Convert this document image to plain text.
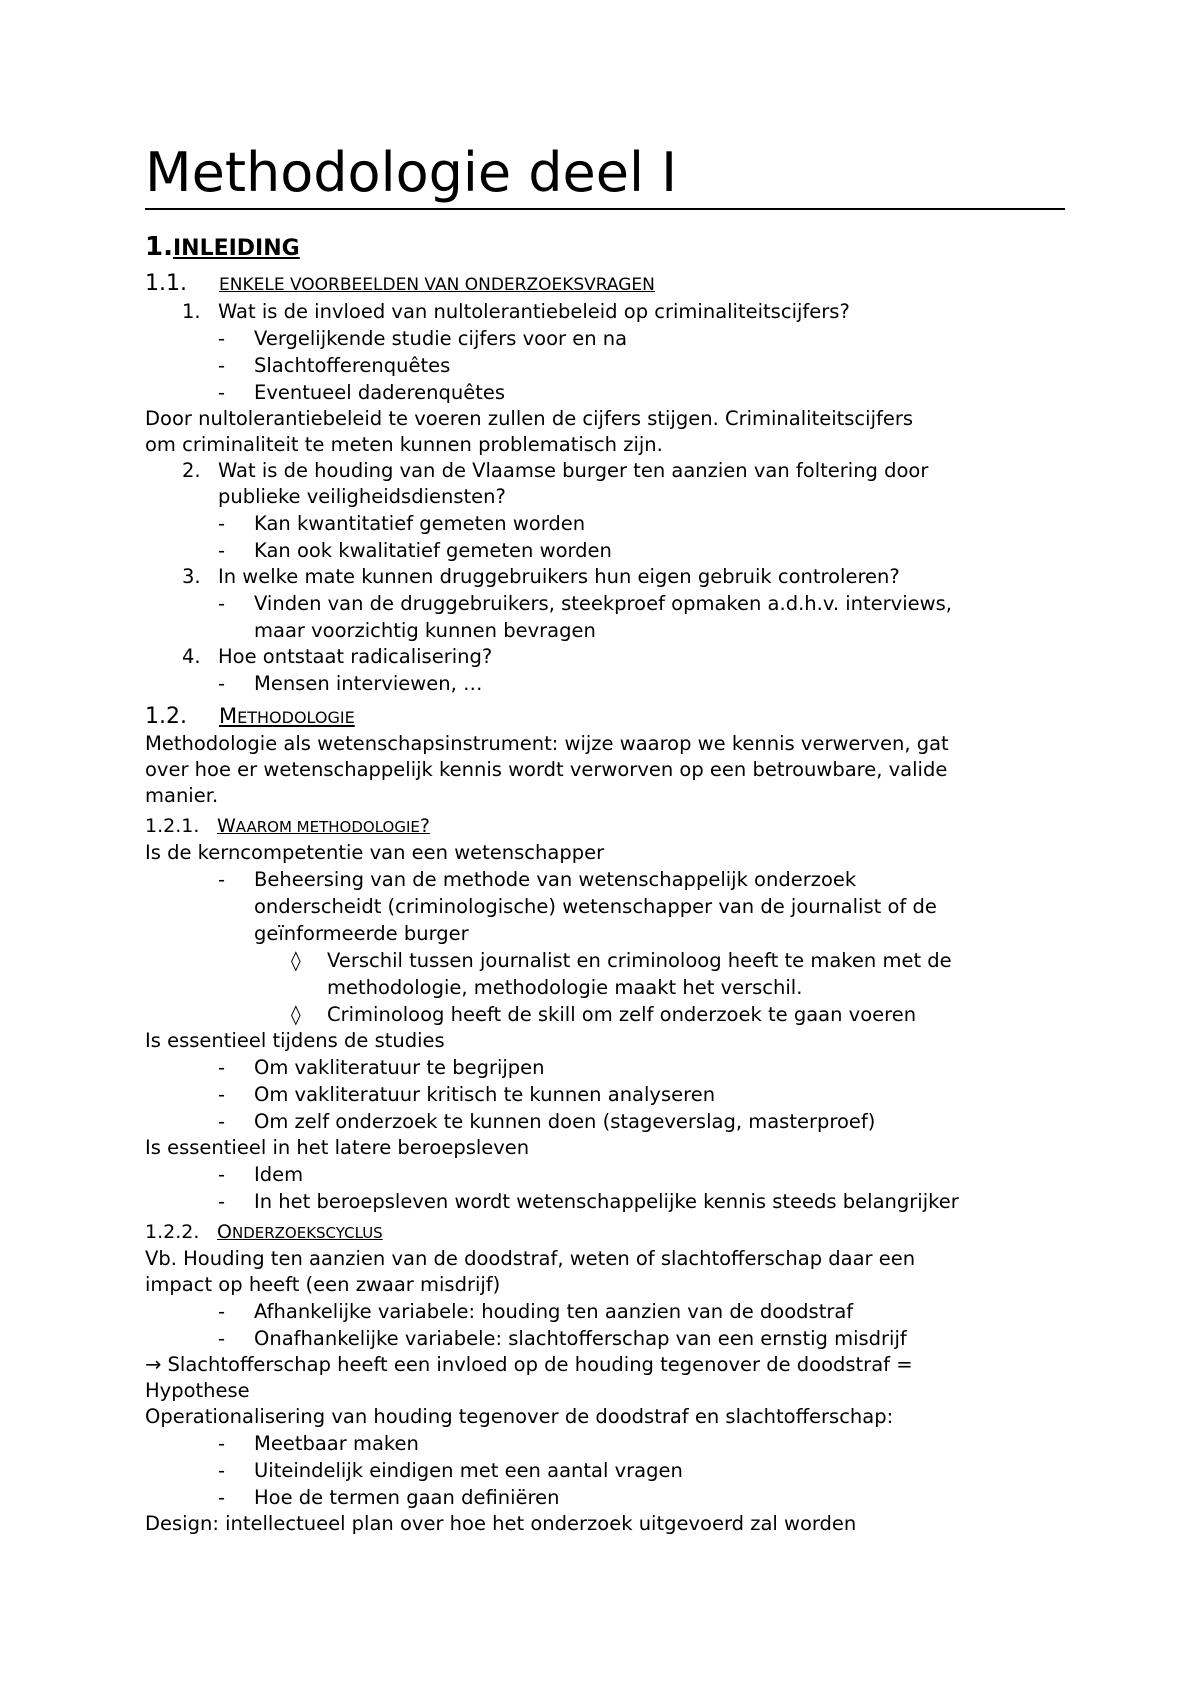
Methodologie deel I
1. INLEIDING
1.1.	ENKELE VOORBEELDEN VAN ONDERZOEKSVRAGEN
1. Wat is de invloed van nultolerantiebeleid op criminaliteitscijfers?
-	Vergelijkende studie cijfers voor en na
-	Slachtofferenquêtes
-	Eventueel daderenquêtes

Door nultolerantiebeleid te voeren zullen de cijfers stijgen. Criminaliteitscijfers

om criminaliteit te meten kunnen problematisch zijn.

2. Wat is de houding van de Vlaamse burger ten aanzien van foltering door
publieke veiligheidsdiensten?
-	Kan kwantitatief gemeten worden
-	Kan ook kwalitatief gemeten worden
3. In welke mate kunnen druggebruikers hun eigen gebruik controleren?
-	Vinden van de druggebruikers, steekproef opmaken a.d.h.v. interviews,
maar voorzichtig kunnen bevragen
4. Hoe ontstaat radicalisering?
-	Mensen interviewen, …
1.2.	METHODOLOGIE

Methodologie als wetenschapsinstrument: wijze waarop we kennis verwerven, gat

over hoe er wetenschappelijk kennis wordt verworven op een betrouwbare, valide

manier.

1.2.1. WAAROM METHODOLOGIE?

Is de kerncompetentie van een wetenschapper

-	Beheersing van de methode van wetenschappelijk onderzoek
onderscheidt (criminologische) wetenschapper van de journalist of de
geïnformeerde burger
◊	Verschil tussen journalist en criminoloog heeft te maken met de
methodologie, methodologie maakt het verschil.
◊	Criminoloog heeft de skill om zelf onderzoek te gaan voeren

Is essentieel tijdens de studies

-	Om vakliteratuur te begrijpen
-	Om vakliteratuur kritisch te kunnen analyseren
-	Om zelf onderzoek te kunnen doen (stageverslag, masterproef)

Is essentieel in het latere beroepsleven

-	Idem
-	In het beroepsleven wordt wetenschappelijke kennis steeds belangrijker
1.2.2. ONDERZOEKSCYCLUS

Vb. Houding ten aanzien van de doodstraf, weten of slachtofferschap daar een

impact op heeft (een zwaar misdrijf)

-	Afhankelijke variabele: houding ten aanzien van de doodstraf
-	Onafhankelijke variabele: slachtofferschap van een ernstig misdrijf

→ Slachtofferschap heeft een invloed op de houding tegenover de doodstraf =

Hypothese

Operationalisering van houding tegenover de doodstraf en slachtofferschap:

-	Meetbaar maken
-	Uiteindelijk eindigen met een aantal vragen
-	Hoe de termen gaan definiëren

Design: intellectueel plan over hoe het onderzoek uitgevoerd zal worden
